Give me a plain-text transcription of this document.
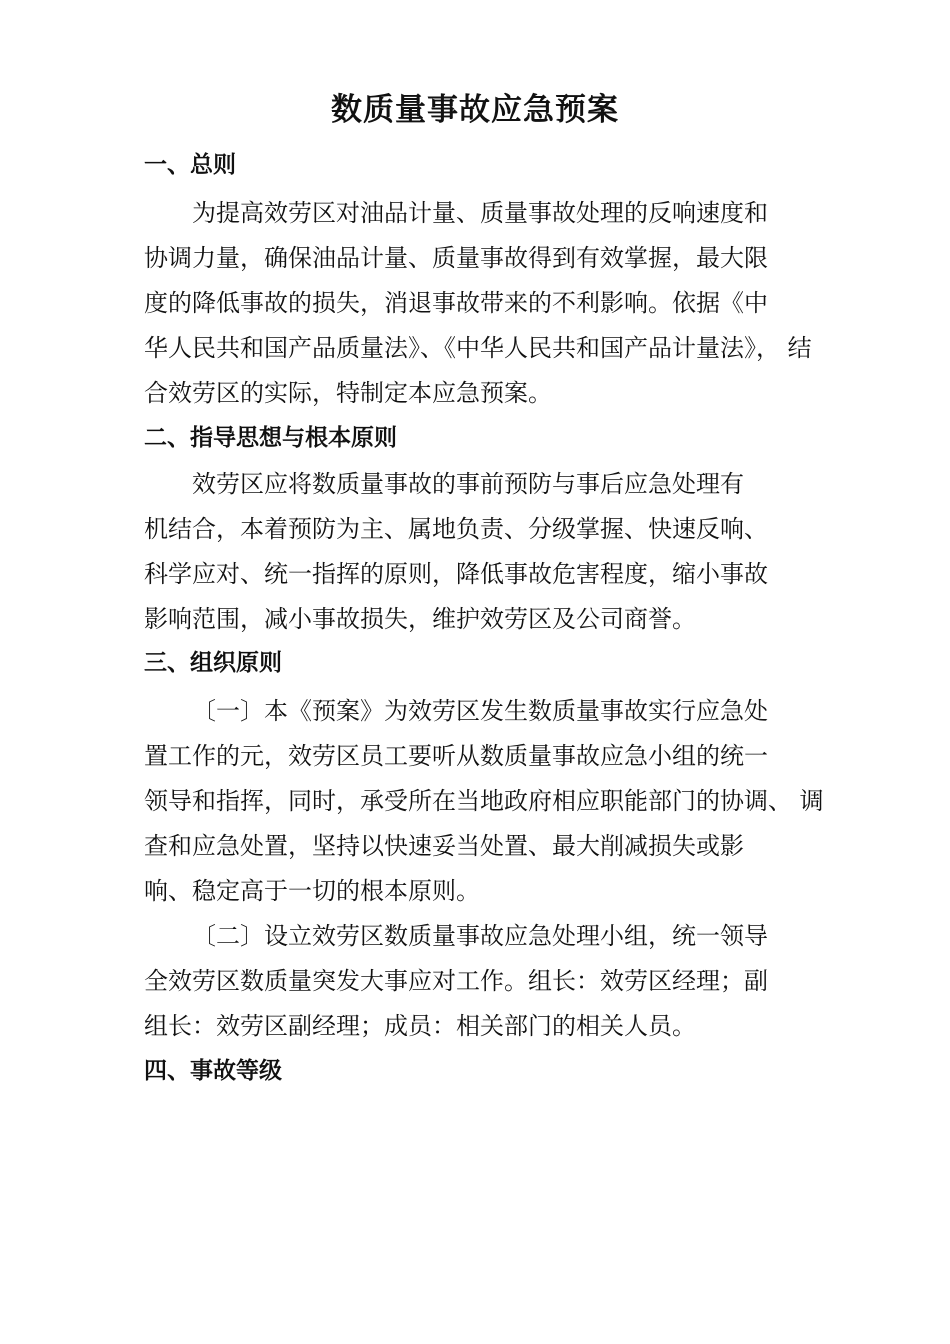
数质量事故应急预案
一、总则
为提高效劳区对油品计量、质量事故处理的反响速度和
协调力量，确保油品计量、质量事故得到有效掌握，最大限
度的降低事故的损失，消退事故带来的不利影响。依据《中
华人民共和国产品质量法》、《中华人民共和国产品计量法》， 结
合效劳区的实际，特制定本应急预案。
二、指导思想与根本原则
效劳区应将数质量事故的事前预防与事后应急处理有
机结合，本着预防为主、属地负责、分级掌握、快速反响、
科学应对、统一指挥的原则，降低事故危害程度，缩小事故
影响范围，减小事故损失，维护效劳区及公司商誉。
三、组织原则
〔一〕本《预案》为效劳区发生数质量事故实行应急处
置工作的元，效劳区员工要听从数质量事故应急小组的统一
领导和指挥，同时，承受所在当地政府相应职能部门的协调、 调
查和应急处置，坚持以快速妥当处置、最大削减损失或影
响、稳定高于一切的根本原则。
〔二〕设立效劳区数质量事故应急处理小组，统一领导
全效劳区数质量突发大事应对工作。组长：效劳区经理；副
组长：效劳区副经理；成员：相关部门的相关人员。
四、事故等级
